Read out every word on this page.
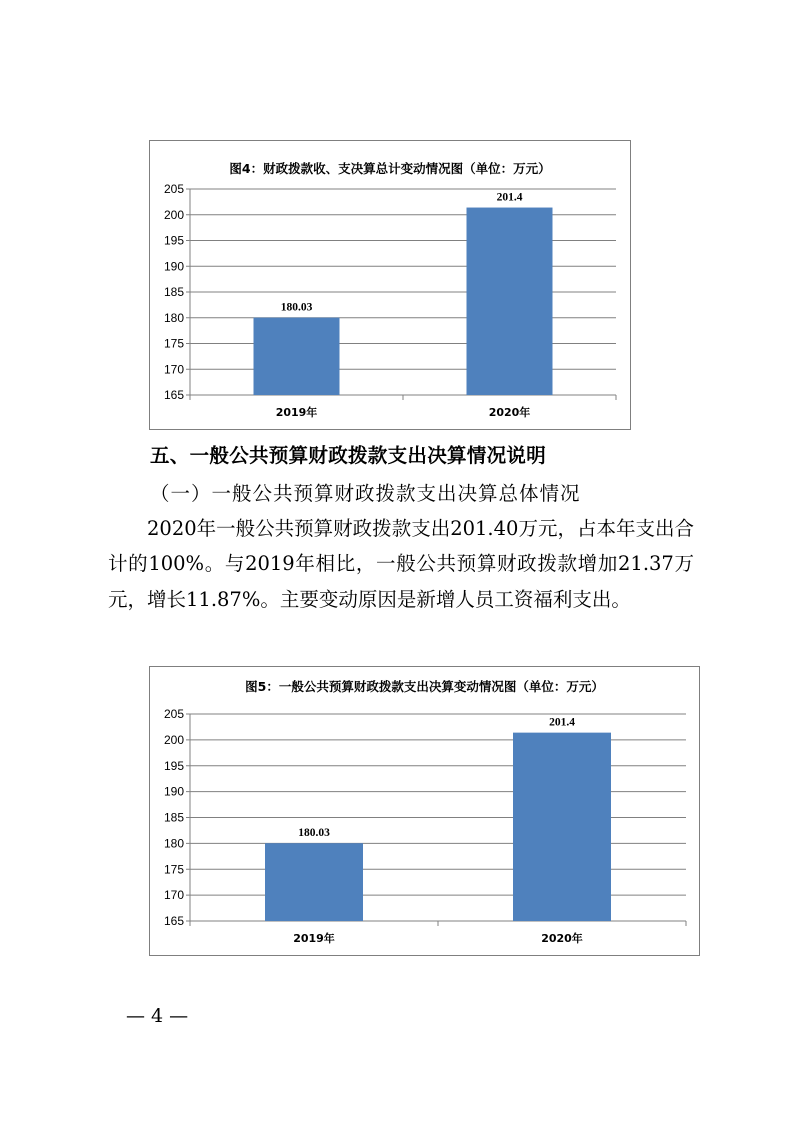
图4：财政拨款收、支决算总计变动情况图（单位：万元）
205
200
195
190
185
180
175
170
165
180.03
2019年
201.4
2020年
五、一般公共预算财政拨款支出决算情况说明
（一）一般公共预算财政拨款支出决算总体情况
2020年一般公共预算财政拨款支出201.40万元，占本年支出合计的100%。与2019年相比，一般公共预算财政拨款增加21.37万元，增长11.87%。主要变动原因是新增人员工资福利支出。
图5：一般公共预算财政拨款支出决算变动情况图（单位：万元）
205
200
195
190
185
180
175
170
165
180.03
2019年
201.4
2020年
— 4 —
